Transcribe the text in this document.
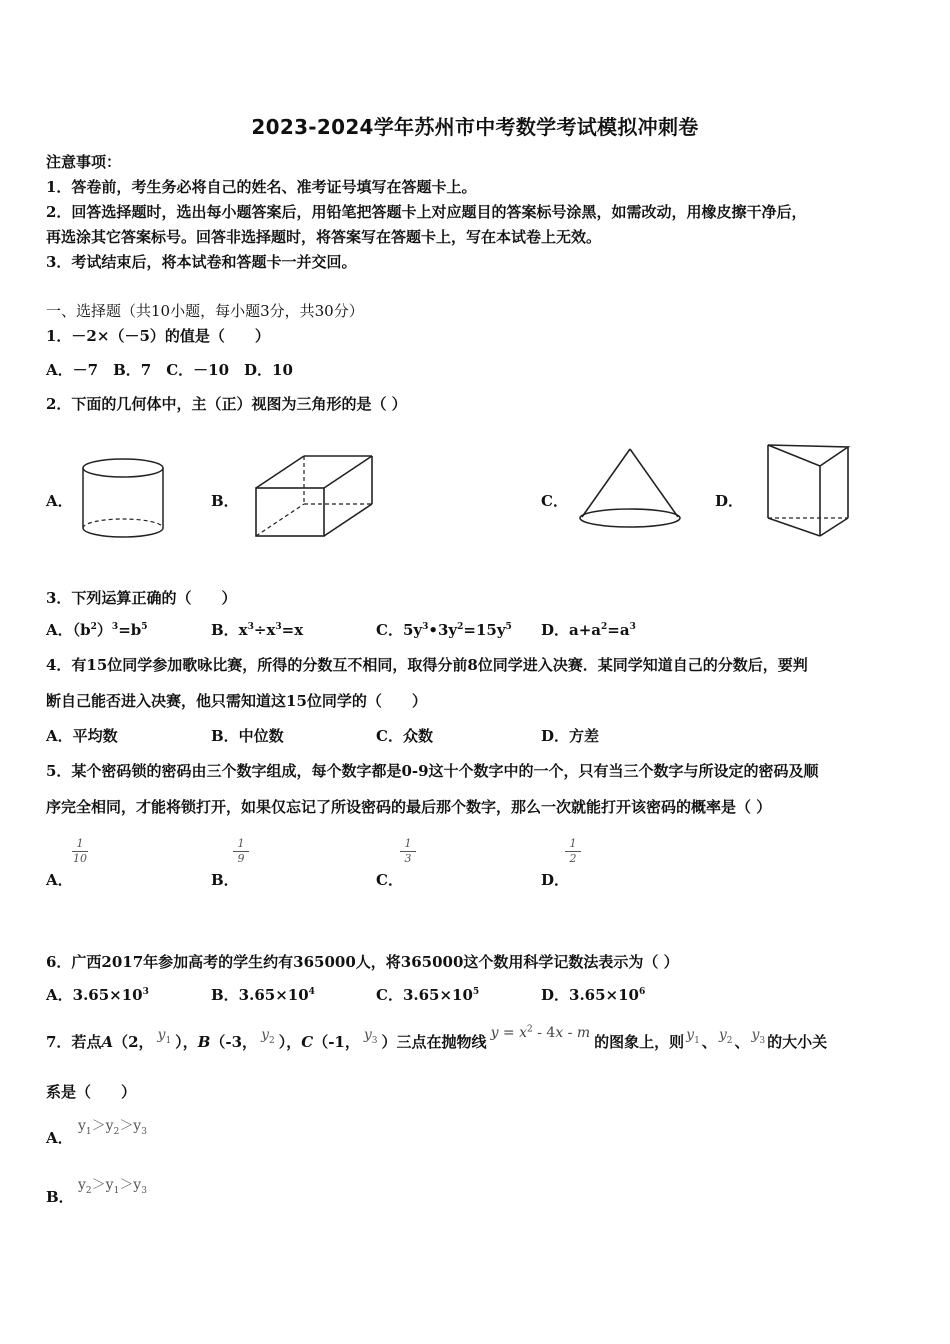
2023-2024学年苏州市中考数学考试模拟冲刺卷
注意事项：
1．答卷前，考生务必将自己的姓名、准考证号填写在答题卡上。
2．回答选择题时，选出每小题答案后，用铅笔把答题卡上对应题目的答案标号涂黑，如需改动，用橡皮擦干净后，
再选涂其它答案标号。回答非选择题时，将答案写在答题卡上，写在本试卷上无效。
3．考试结束后，将本试卷和答题卡一并交回。
一、选择题（共10小题，每小题3分，共30分）
1．－2×（－5）的值是（　　）
A．－7　B．7　C．－10　D．10
2．下面的几何体中，主（正）视图为三角形的是（ ）
A．	B．	C．	D．
3．下列运算正确的（　　）
A．$(b^2)^3=b^5$	B．$x^3\div x^3=x$	C．$5y^3•3y^2=15y^5$ D．$a+a^2=a^3$
4．有15位同学参加歌咏比赛，所得的分数互不相同，取得分前8位同学进入决赛．某同学知道自己的分数后，要判
断自己能否进入决赛，他只需知道这15位同学的（　　）
A．平均数	B．中位数	C．众数	D．方差
5．某个密码锁的密码由三个数字组成，每个数字都是0-9这十个数字中的一个，只有当三个数字与所设定的密码及顺
序完全相同，才能将锁打开，如果仅忘记了所设密码的最后那个数字，那么一次就能打开该密码的概率是（ ）
1
10
1
9
1
3
1
2
A．	B．	C．	D．
6．广西2017年参加高考的学生约有365000人，将365000这个数用科学记数法表示为（ ）
A．$3.65\times 10^3$	B．$3.65\times 10^4$	C．$3.65\times 10^5$	D．$3.65\times 10^6$
7．若点A（2， $y_1$ ），B（-3， $y_2$ ），C（-1， $y_3$ ）三点在抛物线 $y = x^2 - 4x - m$ 的图象上，则 $y_1$ 、 $y_2$ 、 $y_3$ 的大小关
系是（　　）
A．
$y_1>y_2>y_3$
B．
$y_2>y_1>y_3$
